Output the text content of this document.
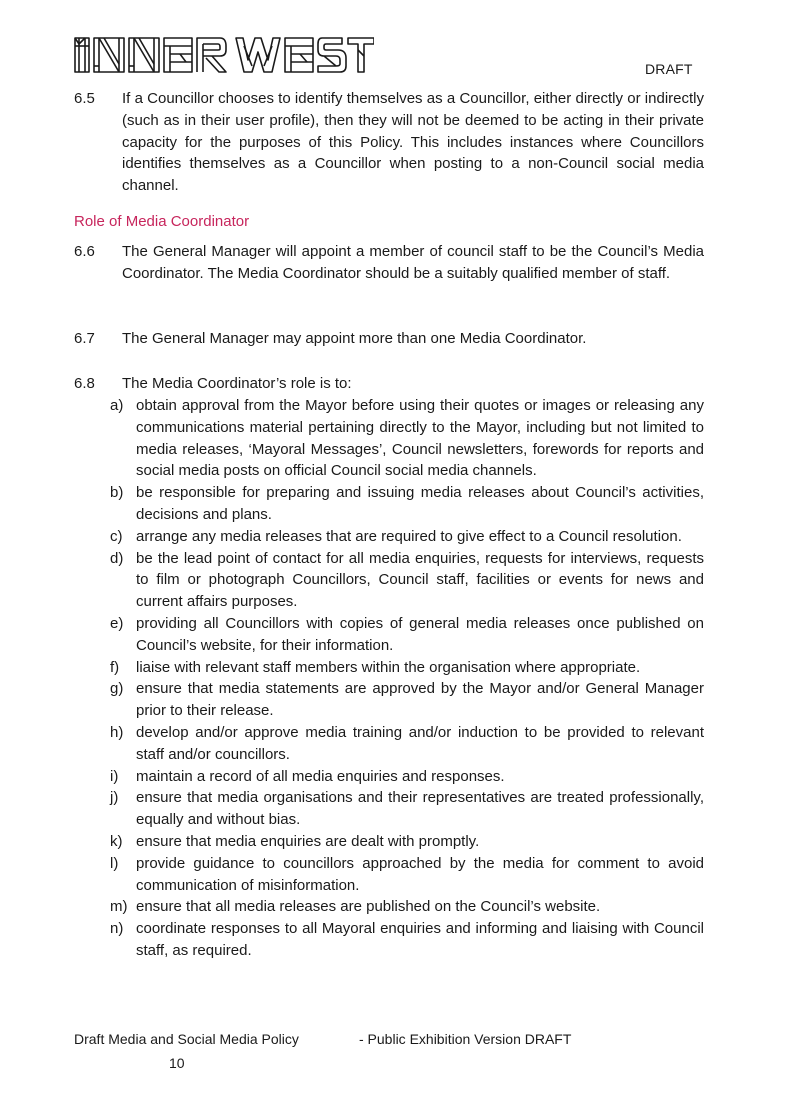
DRAFT
6.5 If a Councillor chooses to identify themselves as a Councillor, either directly or indirectly (such as in their user profile), then they will not be deemed to be acting in their private capacity for the purposes of this Policy. This includes instances where Councillors identifies themselves as a Councillor when posting to a non-Council social media channel.
Role of Media Coordinator
6.6 The General Manager will appoint a member of council staff to be the Council’s Media Coordinator. The Media Coordinator should be a suitably qualified member of staff.
6.7 The General Manager may appoint more than one Media Coordinator.
6.8 The Media Coordinator’s role is to:
a) obtain approval from the Mayor before using their quotes or images or releasing any communications material pertaining directly to the Mayor, including but not limited to media releases, ‘Mayoral Messages’, Council newsletters, forewords for reports and social media posts on official Council social media channels.
b) be responsible for preparing and issuing media releases about Council’s activities, decisions and plans.
c) arrange any media releases that are required to give effect to a Council resolution.
d) be the lead point of contact for all media enquiries, requests for interviews, requests to film or photograph Councillors, Council staff, facilities or events for news and current affairs purposes.
e) providing all Councillors with copies of general media releases once published on Council’s website, for their information.
f) liaise with relevant staff members within the organisation where appropriate.
g) ensure that media statements are approved by the Mayor and/or General Manager prior to their release.
h) develop and/or approve media training and/or induction to be provided to relevant staff and/or councillors.
i) maintain a record of all media enquiries and responses.
j) ensure that media organisations and their representatives are treated professionally, equally and without bias.
k) ensure that media enquiries are dealt with promptly.
l) provide guidance to councillors approached by the media for comment to avoid communication of misinformation.
m) ensure that all media releases are published on the Council’s website.
n) coordinate responses to all Mayoral enquiries and informing and liaising with Council staff, as required.
Draft Media and Social Media Policy	- Public Exhibition Version DRAFT
10
